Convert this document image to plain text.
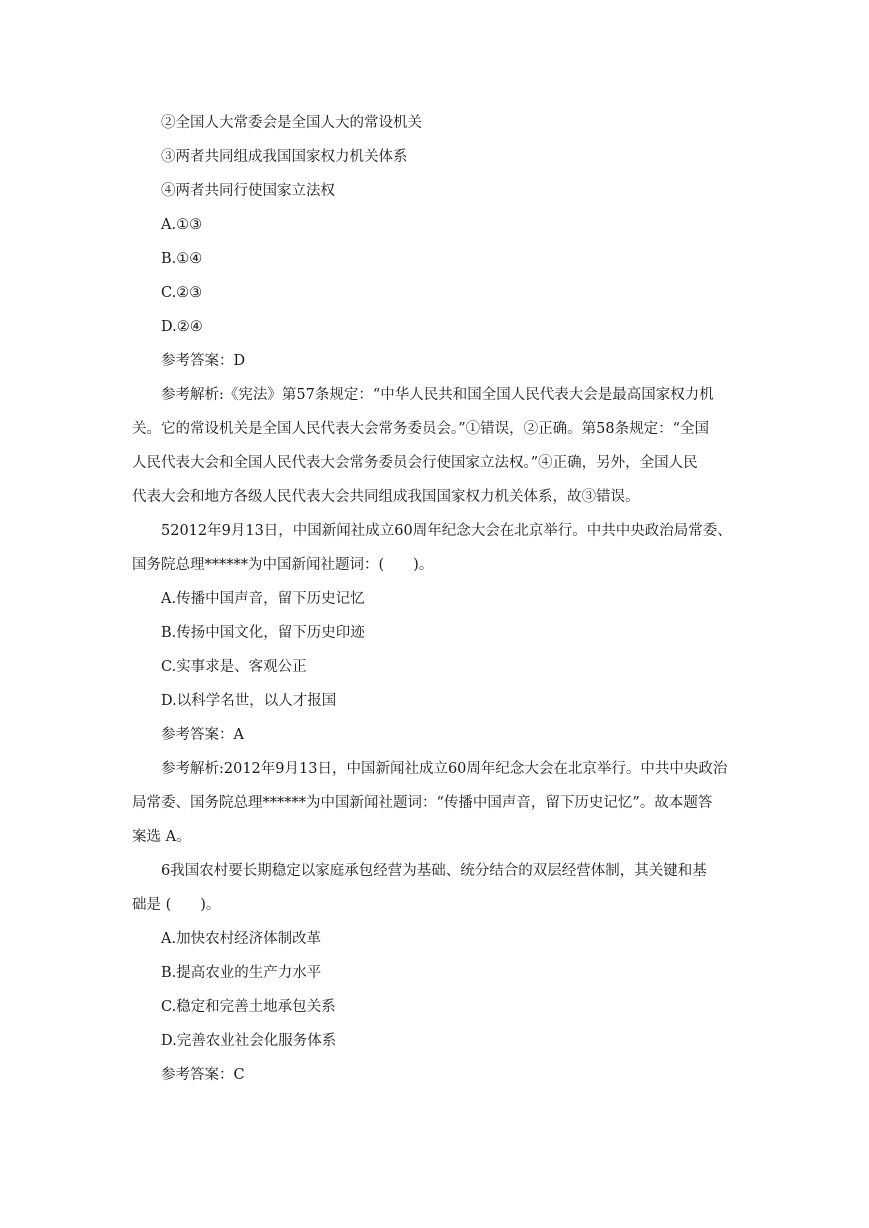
②全国人大常委会是全国人大的常设机关
③两者共同组成我国国家权力机关体系
④两者共同行使国家立法权
A.①③
B.①④
C.②③
D.②④
参考答案：D
参考解析:《宪法》第57条规定：“中华人民共和国全国人民代表大会是最高国家权力机
关。它的常设机关是全国人民代表大会常务委员会。”①错误，②正确。第58条规定：“全国
人民代表大会和全国人民代表大会常务委员会行使国家立法权。”④正确，另外，全国人民
代表大会和地方各级人民代表大会共同组成我国国家权力机关体系，故③错误。
52012年9月13日，中国新闻社成立60周年纪念大会在北京举行。中共中央政治局常委、
国务院总理******为中国新闻社题词：(　　)。
A.传播中国声音，留下历史记忆
B.传扬中国文化，留下历史印迹
C.实事求是、客观公正
D.以科学名世，以人才报国
参考答案：A
参考解析:2012年9月13日，中国新闻社成立60周年纪念大会在北京举行。中共中央政治
局常委、国务院总理******为中国新闻社题词：“传播中国声音，留下历史记忆”。故本题答
案选 A。
6我国农村要长期稳定以家庭承包经营为基础、统分结合的双层经营体制，其关键和基
础是 (　　)。
A.加快农村经济体制改革
B.提高农业的生产力水平
C.稳定和完善土地承包关系
D.完善农业社会化服务体系
参考答案：C
